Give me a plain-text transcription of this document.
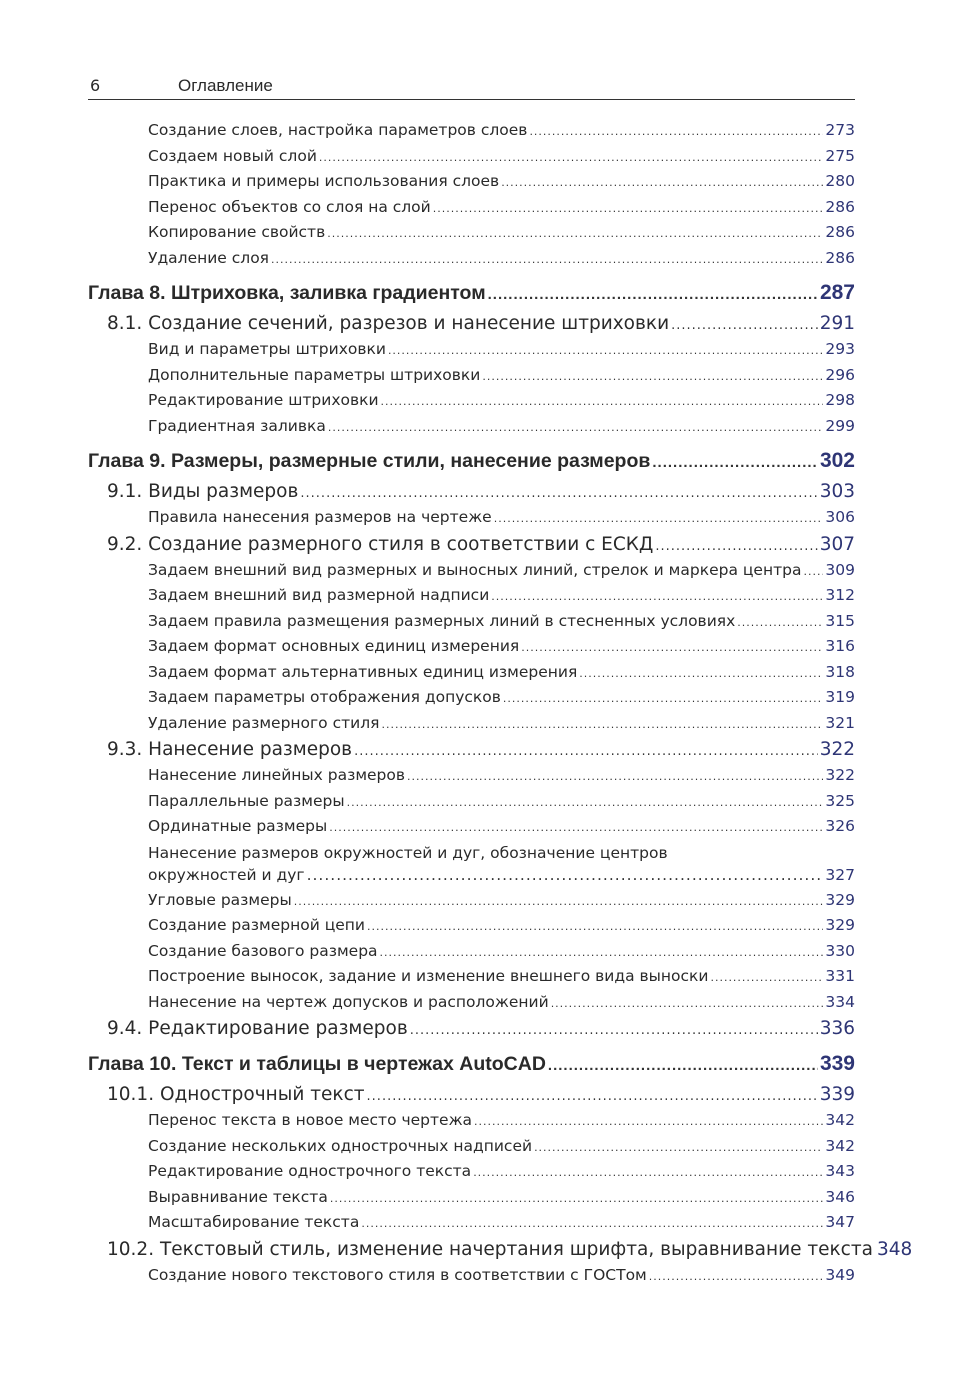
6	Оглавление
Создание слоев, настройка параметров слоев .....	273
Создаем новый слой .....	275
Практика и примеры использования слоев .....	280
Перенос объектов со слоя на слой .....	286
Копирование свойств .....	286
Удаление слоя .....	286
Глава 8. Штриховка, заливка градиентом .....	287
8.1. Создание сечений, разрезов и нанесение штриховки .....	291
Вид и параметры штриховки .....	293
Дополнительные параметры штриховки .....	296
Редактирование штриховки .....	298
Градиентная заливка .....	299
Глава 9. Размеры, размерные стили, нанесение размеров .....	302
9.1. Виды размеров .....	303
Правила нанесения размеров на чертеже .....	306
9.2. Создание размерного стиля в соответствии с ЕСКД .....	307
Задаем внешний вид размерных и выносных линий, стрелок и маркера центра ..... 309
Задаем внешний вид размерной надписи .....	312
Задаем правила размещения размерных линий в стесненных условиях .....	315
Задаем формат основных единиц измерения .....	316
Задаем формат альтернативных единиц измерения .....	318
Задаем параметры отображения допусков .....	319
Удаление размерного стиля .....	321
9.3. Нанесение размеров .....	322
Нанесение линейных размеров .....	322
Параллельные размеры .....	325
Ординатные размеры .....	326
Нанесение размеров окружностей и дуг, обозначение центров
окружностей и дуг .....	327
Угловые размеры .....	329
Создание размерной цепи .....	329
Создание базового размера .....	330
Построение выносок, задание и изменение внешнего вида выноски .....	331
Нанесение на чертеж допусков и расположений .....	334
9.4. Редактирование размеров .....	336
Глава 10. Текст и таблицы в чертежах AutoCAD .....	339
10.1. Однострочный текст .....	339
Перенос текста в новое место чертежа .....	342
Создание нескольких однострочных надписей .....	342
Редактирование однострочного текста .....	343
Выравнивание текста .....	346
Масштабирование текста .....	347
10.2. Текстовый стиль, изменение начертания шрифта, выравнивание текста 348
Создание нового текстового стиля в соответствии с ГОСТом .....	349
